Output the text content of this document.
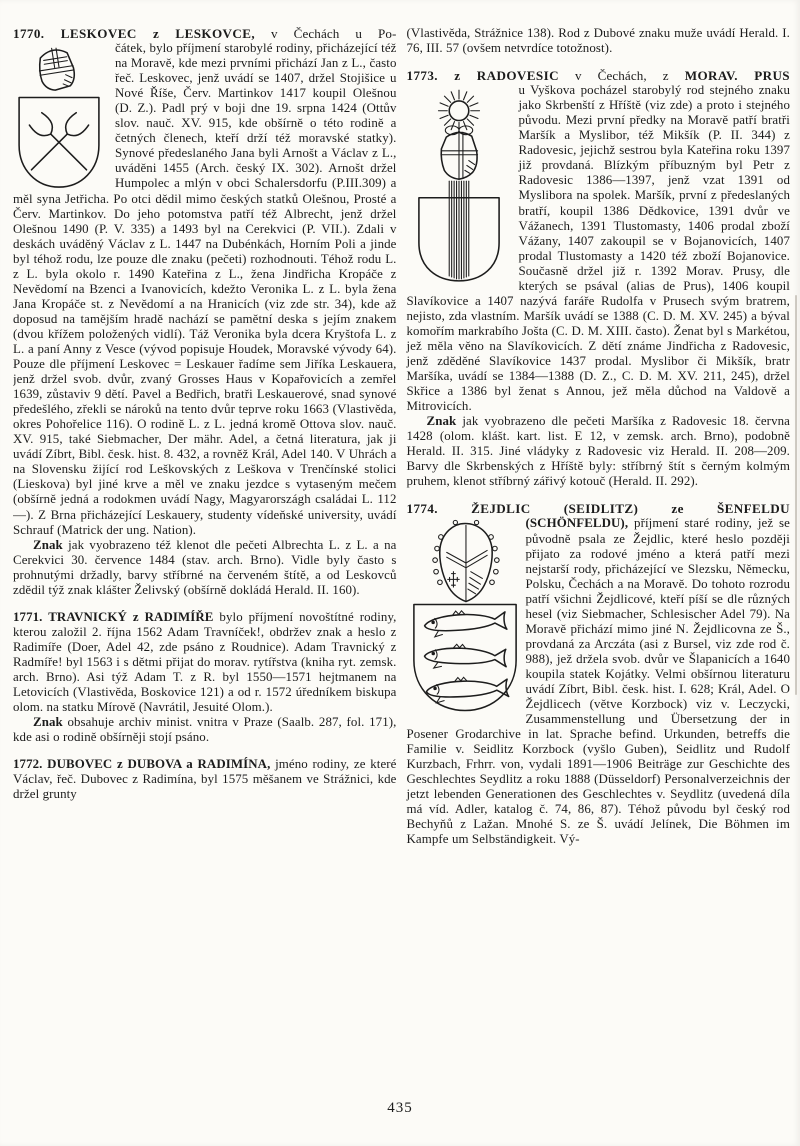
1770. LESKOVEC z LESKOVCE, v Čechách u Po-

čátek, bylo příjmení starobylé rodiny, přicházející též na Moravě, kde mezi prvními přichází Jan z L., často řeč. Leskovec, jenž uvádí se 1407, držel Stojišice u Nové Říše, Červ. Martinkov 1417 koupil Olešnou (D. Z.). Padl prý v boji dne 19. srpna 1424 (Ottův slov. nauč. XV. 915, kde obšírně o této rodině a četných členech, kteří drží též moravské statky). Synové předeslaného Jana byli Arnošt a Václav z L., uváděni 1455 (Arch. český IX. 302). Arnošt držel Humpolec a mlýn v obci Schalersdorfu (P.III.309) a měl syna Jetřicha. Po otci dědil mimo českých statků Olešnou, Prosté a Červ. Martinkov. Do jeho potomstva patří též Albrecht, jenž držel Olešnou 1490 (P. V. 335) a 1493 byl na Cerekvici (P. VII.). Zdali v deskách uváděný Václav z L. 1447 na Dubénkách, Horním Poli a jinde byl téhož rodu, lze pouze dle znaku (pečeti) rozhodnouti. Téhož rodu L. z L. byla okolo r. 1490 Kateřina z L., žena Jindřicha Kropáče z Nevědomí na Bzenci a Ivanovicích, kdežto Veronika L. z L. byla žena Jana Kropáče st. z Nevědomí a na Hranicích (viz zde str. 34), kde až doposud na tamějším hradě nachází se pamětní deska s jejím znakem (dvou křížem položených vidlí). Táž Veronika byla dcera Kryštofa L. z L. a paní Anny z Vesce (vývod popisuje Houdek, Moravské vývody 64). Pouze dle příjmení Leskovec = Leskauer řadíme sem Jiříka Leskauera, jenž držel svob. dvůr, zvaný Grosses Haus v Kopařovicích a zemřel 1639, zůstaviv 9 dětí. Pavel a Bedřich, bratři Leskauerové, snad synové předešlého, zřekli se nároků na tento dvůr teprve roku 1663 (Vlastivěda, okres Pohořelice 116). O rodině L. z L. jedná kromě Ottova slov. nauč. XV. 915, také Siebmacher, Der mähr. Adel, a četná literatura, jak ji uvádí Zíbrt, Bibl. česk. hist. 8. 432, a rovněž Král, Adel 140. V Uhrách a na Slovensku žijící rod Leškovských z Leškova v Trenčínské stolici (Lieskova) byl jiné krve a měl ve znaku jezdce s vytaseným mečem (obšírně jedná a rodokmen uvádí Nagy, Magyarországh családai L. 112—). Z Brna přicházející Leskauery, studenty vídeňské university, uvádí Schrauf (Matrick der ung. Nation).

Znak jak vyobrazeno též klenot dle pečeti Albrechta L. z L. a na Cerekvici 30. července 1484 (stav. arch. Brno). Vidle byly často s prohnutými držadly, barvy stříbrné na červeném štítě, a od Leskovců zdědil týž znak klášter Želivský (obšírně dokládá Herald. II. 160).

1771. TRAVNICKÝ z RADIMÍŘE bylo příjmení novoštítné rodiny, kterou založil 2. října 1562 Adam Travníček!, obdržev znak a heslo z Radimíře (Doer, Adel 42, zde psáno z Roudnice). Adam Travnický z Radmíře! byl 1563 i s dětmi přijat do morav. rytířstva (kniha ryt. zemsk. arch. Brno). Asi týž Adam T. z R. byl 1550—1571 hejtmanem na Letovicích (Vlastivěda, Boskovice 121) a od r. 1572 úředníkem biskupa olom. na statku Mírově (Navrátil, Jesuité Olom.).

Znak obsahuje archiv minist. vnitra v Praze (Saalb. 287, fol. 171), kde asi o rodině obšírněji stojí psáno.

1772. DUBOVEC z DUBOVA a RADIMÍNA, jméno rodiny, ze které Václav, řeč. Dubovec z Radimína, byl 1575 měšanem ve Strážnici, kde držel grunty

(Vlastivěda, Strážnice 138). Rod z Dubové znaku muže uvádí Herald. I. 76, III. 57 (ovšem netvrdíce totožnost).

1773. z RADOVESIC v Čechách, z MORAV. PRUS

u Vyškova pocházel starobylý rod stejného znaku jako Skrbenští z Hříště (viz zde) a proto i stejného původu. Mezi první předky na Moravě patří bratři Maršík a Myslibor, též Mikšík (P. II. 344) z Radovesic, jejichž sestrou byla Kateřina roku 1397 již provdaná. Blízkým příbuzným byl Petr z Radovesic 1386—1397, jenž vzat 1391 od Myslibora na spolek. Maršík, první z předeslaných bratří, koupil 1386 Dědkovice, 1391 dvůr ve Vážanech, 1391 Tlustomasty, 1406 prodal zboží Vážany, 1407 zakoupil se v Bojanovicích, 1407 prodal Tlustomasty a 1420 též zboží Bojanovice. Současně držel již r. 1392 Morav. Prusy, dle kterých se psával (alias de Prus), 1406 koupil Slavíkovice a 1407 nazývá faráře Rudolfa v Prusech svým bratrem, nejisto, zda vlastním. Maršík uvádí se 1388 (C. D. M. XV. 245) a býval komořím markrabího Jošta (C. D. M. XIII. často). Ženat byl s Markétou, jež měla věno na Slavíkovicích. Z dětí známe Jindřicha z Radovesic, jenž zděděné Slavíkovice 1437 prodal. Myslibor či Mikšík, bratr Maršíka, uvádí se 1384—1388 (D. Z., C. D. M. XV. 211, 245), držel Skřice a 1386 byl ženat s Annou, jež měla důchod na Valdově a Mitrovicích.

Znak jak vyobrazeno dle pečeti Maršíka z Radovesic 18. června 1428 (olom. klášt. kart. list. E 12, v zemsk. arch. Brno), podobně Herald. II. 315. Jiné vládyky z Radovesic viz Herald. II. 208—209. Barvy dle Skrbenských z Hříště byly: stříbrný štít s černým kolmým pruhem, klenot stříbrný zářivý kotouč (Herald. II. 292).

1774. ŽEJDLIC (SEIDLITZ) ze ŠENFELDU

(SCHÖNFELDU), příjmení staré rodiny, jež se původně psala ze Žejdlic, které heslo později přijato za rodové jméno a která patří mezi nejstarší rody, přicházející ve Slezsku, Německu, Polsku, Čechách a na Moravě. Do tohoto rozrodu patří všichni Žejdlicové, kteří píší se dle různých hesel (viz Siebmacher, Schlesischer Adel 79). Na Moravě přichází mimo jiné N. Žejdlicovna ze Š., provdaná za Arczáta (asi z Bursel, viz zde rod č. 988), jež držela svob. dvůr ve Šlapanicích a 1640 koupila statek Kojátky. Velmi obšírnou literaturu uvádí Zíbrt, Bibl. česk. hist. I. 628; Král, Adel. O Žejdlicech (větve Korzbock) viz v. Leczycki, Zusammenstellung und Übersetzung der in Posener Grodarchive in lat. Sprache befind. Urkunden, betreffs die Familie v. Seidlitz Korzbock (vyšlo Guben), Seidlitz und Rudolf Kurzbach, Frhrr. von, vydali 1891—1906 Beiträge zur Geschichte des Geschlechtes Seydlitz a roku 1888 (Düsseldorf) Personalverzeichnis der jetzt lebenden Generationen des Geschlechtes v. Seydlitz (uvedená díla má víd. Adler, katalog č. 74, 86, 87). Téhož původu byl český rod Bechyňů z Lažan. Mnohé S. ze Š. uvádí Jelínek, Die Böhmen im Kampfe um Selbständigkeit. Vý-

435
